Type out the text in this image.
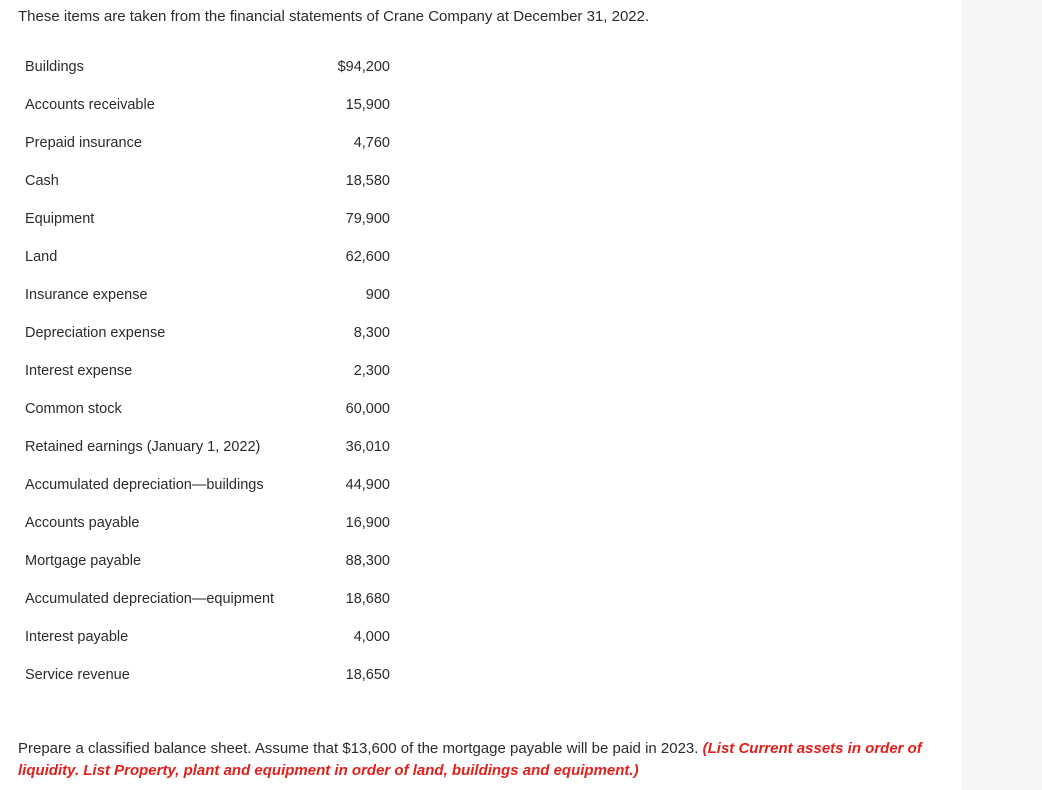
These items are taken from the financial statements of Crane Company at December 31, 2022.
Buildings	$94,200
Accounts receivable	15,900
Prepaid insurance	4,760
Cash	18,580
Equipment	79,900
Land	62,600
Insurance expense	900
Depreciation expense	8,300
Interest expense	2,300
Common stock	60,000
Retained earnings (January 1, 2022)	36,010
Accumulated depreciation—buildings	44,900
Accounts payable	16,900
Mortgage payable	88,300
Accumulated depreciation—equipment	18,680
Interest payable	4,000
Service revenue	18,650
Prepare a classified balance sheet. Assume that $13,600 of the mortgage payable will be paid in 2023. (List Current assets in order of liquidity. List Property, plant and equipment in order of land, buildings and equipment.)
